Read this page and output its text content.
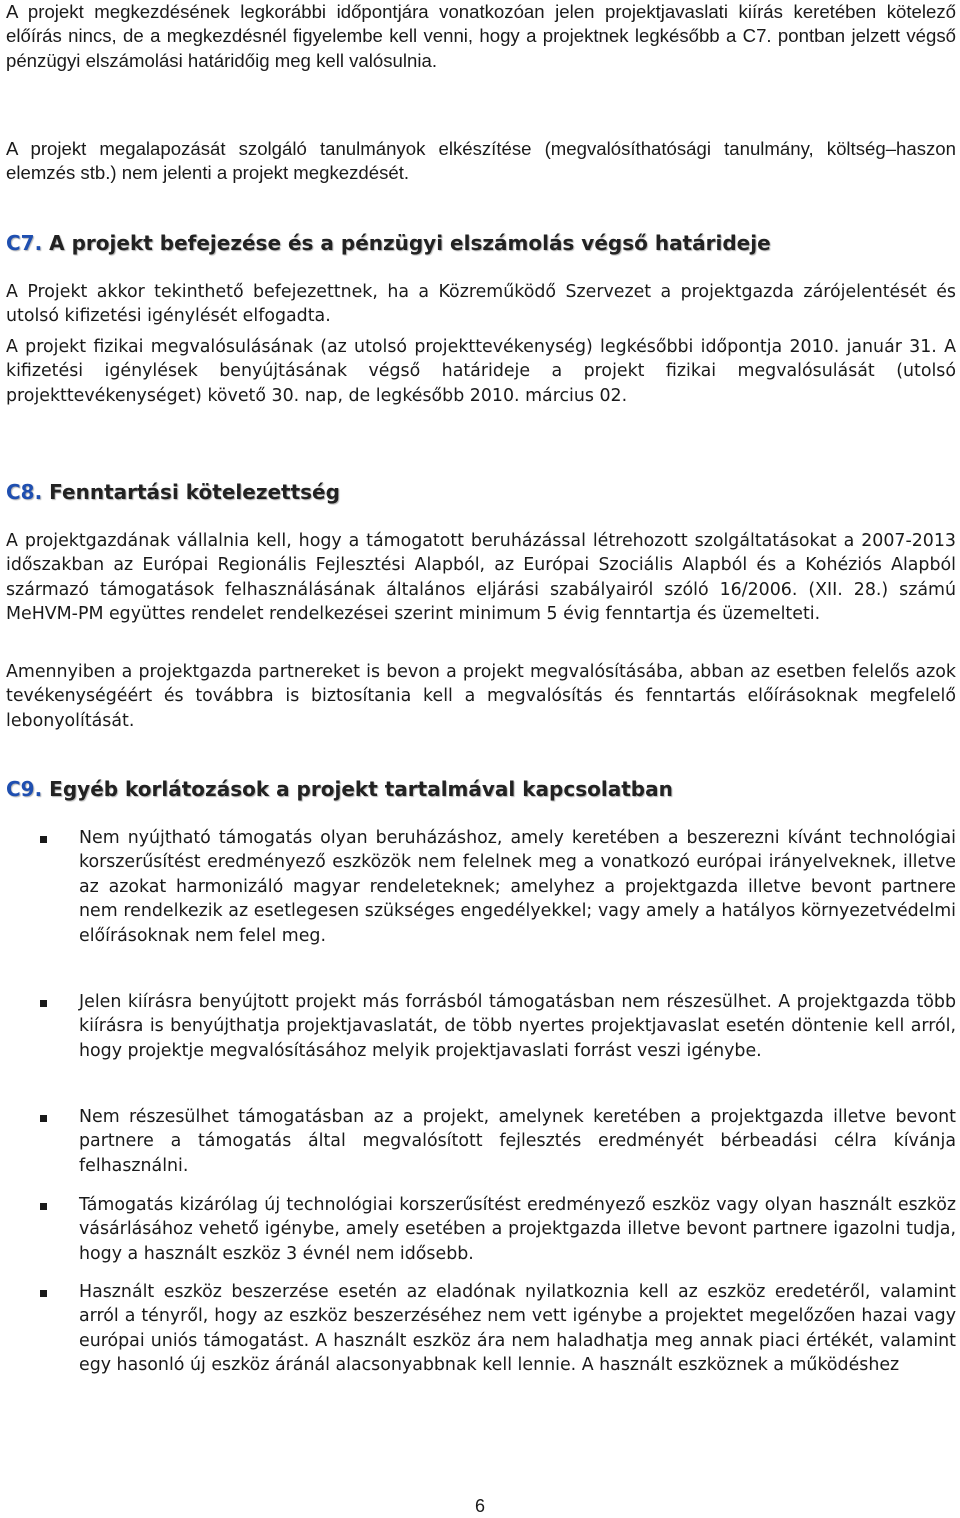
A projekt megkezdésének legkorábbi időpontjára vonatkozóan jelen projektjavaslati kiírás keretében kötelező előírás nincs, de a megkezdésnél figyelembe kell venni, hogy a projektnek legkésőbb a C7. pontban jelzett végső pénzügyi elszámolási határidőig meg kell valósulnia.

A projekt megalapozását szolgáló tanulmányok elkészítése (megvalósíthatósági tanulmány, költség–haszon elemzés stb.) nem jelenti a projekt megkezdését.

C7. A projekt befejezése és a pénzügyi elszámolás végső határideje

A Projekt akkor tekinthető befejezettnek, ha a Közreműködő Szervezet a projektgazda zárójelentését és utolsó kifizetési igénylését elfogadta.

A projekt fizikai megvalósulásának (az utolsó projekttevékenység) legkésőbbi időpontja 2010. január 31. A kifizetési igénylések benyújtásának végső határideje a projekt fizikai megvalósulását (utolsó projekttevékenységet) követő 30. nap, de legkésőbb 2010. március 02.

C8. Fenntartási kötelezettség

A projektgazdának vállalnia kell, hogy a támogatott beruházással létrehozott szolgáltatásokat a 2007-2013 időszakban az Európai Regionális Fejlesztési Alapból, az Európai Szociális Alapból és a Kohéziós Alapból származó támogatások felhasználásának általános eljárási szabályairól szóló 16/2006. (XII. 28.) számú MeHVM-PM együttes rendelet rendelkezései szerint minimum 5 évig fenntartja és üzemelteti.

Amennyiben a projektgazda partnereket is bevon a projekt megvalósításába, abban az esetben felelős azok tevékenységéért és továbbra is biztosítania kell a megvalósítás és fenntartás előírásoknak megfelelő lebonyolítását.

C9. Egyéb korlátozások a projekt tartalmával kapcsolatban

Nem nyújtható támogatás olyan beruházáshoz, amely keretében a beszerezni kívánt technológiai korszerűsítést eredményező eszközök nem felelnek meg a vonatkozó európai irányelveknek, illetve az azokat harmonizáló magyar rendeleteknek; amelyhez a projektgazda illetve bevont partnere nem rendelkezik az esetlegesen szükséges engedélyekkel; vagy amely a hatályos környezetvédelmi előírásoknak nem felel meg.

Jelen kiírásra benyújtott projekt más forrásból támogatásban nem részesülhet. A projektgazda több kiírásra is benyújthatja projektjavaslatát, de több nyertes projektjavaslat esetén döntenie kell arról, hogy projektje megvalósításához melyik projektjavaslati forrást veszi igénybe.

Nem részesülhet támogatásban az a projekt, amelynek keretében a projektgazda illetve bevont partnere a támogatás által megvalósított fejlesztés eredményét bérbeadási célra kívánja felhasználni.

Támogatás kizárólag új technológiai korszerűsítést eredményező eszköz vagy olyan használt eszköz vásárlásához vehető igénybe, amely esetében a projektgazda illetve bevont partnere igazolni tudja, hogy a használt eszköz 3 évnél nem idősebb.

Használt eszköz beszerzése esetén az eladónak nyilatkoznia kell az eszköz eredetéről, valamint arról a tényről, hogy az eszköz beszerzéséhez nem vett igénybe a projektet megelőzően hazai vagy európai uniós támogatást. A használt eszköz ára nem haladhatja meg annak piaci értékét, valamint egy hasonló új eszköz áránál alacsonyabbnak kell lennie. A használt eszköznek a működéshez

6
